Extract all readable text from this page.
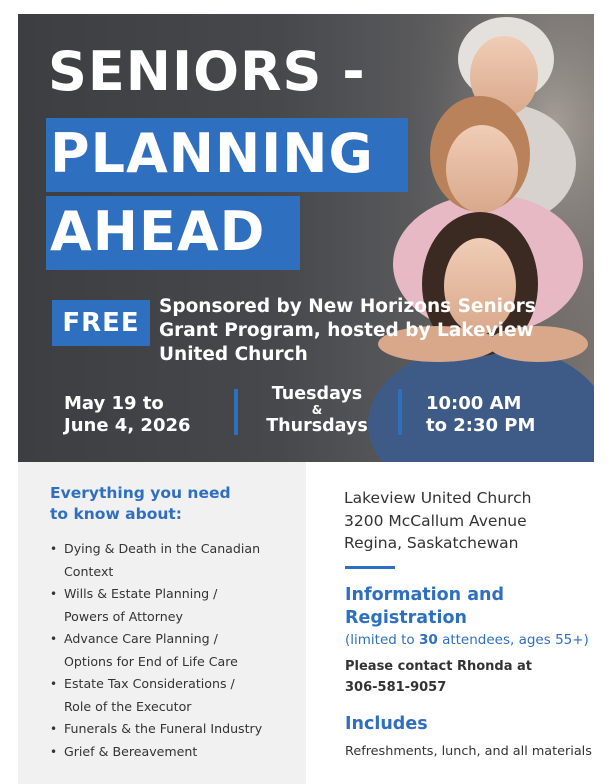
SENIORS -
PLANNING
AHEAD
FREE
Sponsored by New Horizons Seniors
Grant Program, hosted by Lakeview
United Church
May 19 to
June 4, 2026
Tuesdays
&
Thursdays
10:00 AM
to 2:30 PM
Everything you need
to know about:
• Dying & Death in the Canadian
Context
• Wills & Estate Planning /
Powers of Attorney
• Advance Care Planning /
Options for End of Life Care
• Estate Tax Considerations /
Role of the Executor
• Funerals & the Funeral Industry
• Grief & Bereavement
Lakeview United Church
3200 McCallum Avenue
Regina, Saskatchewan
Information and
Registration
(limited to 30 attendees, ages 55+)
Please contact Rhonda at
306-581-9057
Includes
Refreshments, lunch, and all materials
